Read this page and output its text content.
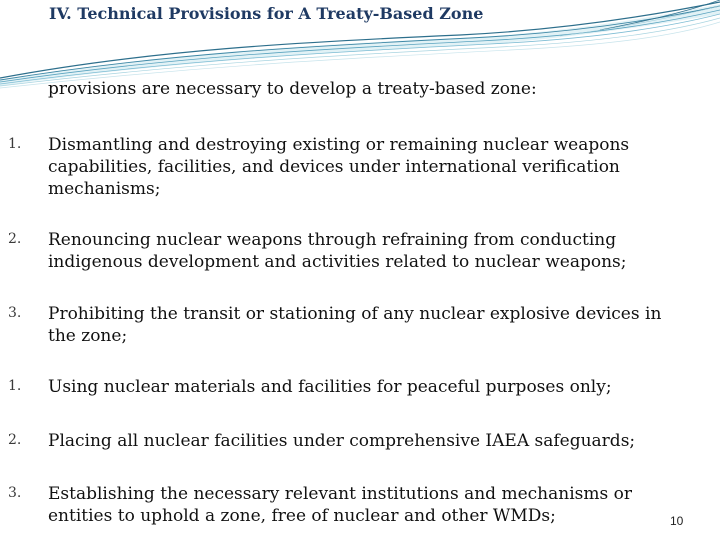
IV. Technical Provisions for A Treaty-Based Zone
provisions are necessary to develop a treaty-based zone:
1. Dismantling and destroying existing or remaining nuclear weapons capabilities, facilities, and devices under international verification mechanisms;
2. Renouncing nuclear weapons through refraining from conducting indigenous development and activities related to nuclear weapons;
3. Prohibiting the transit or stationing of any nuclear explosive devices in the zone;
1. Using nuclear materials and facilities for peaceful purposes only;
2. Placing all nuclear facilities under comprehensive IAEA safeguards;
3. Establishing the necessary relevant institutions and mechanisms or entities to uphold a zone, free of nuclear and other WMDs;	10
